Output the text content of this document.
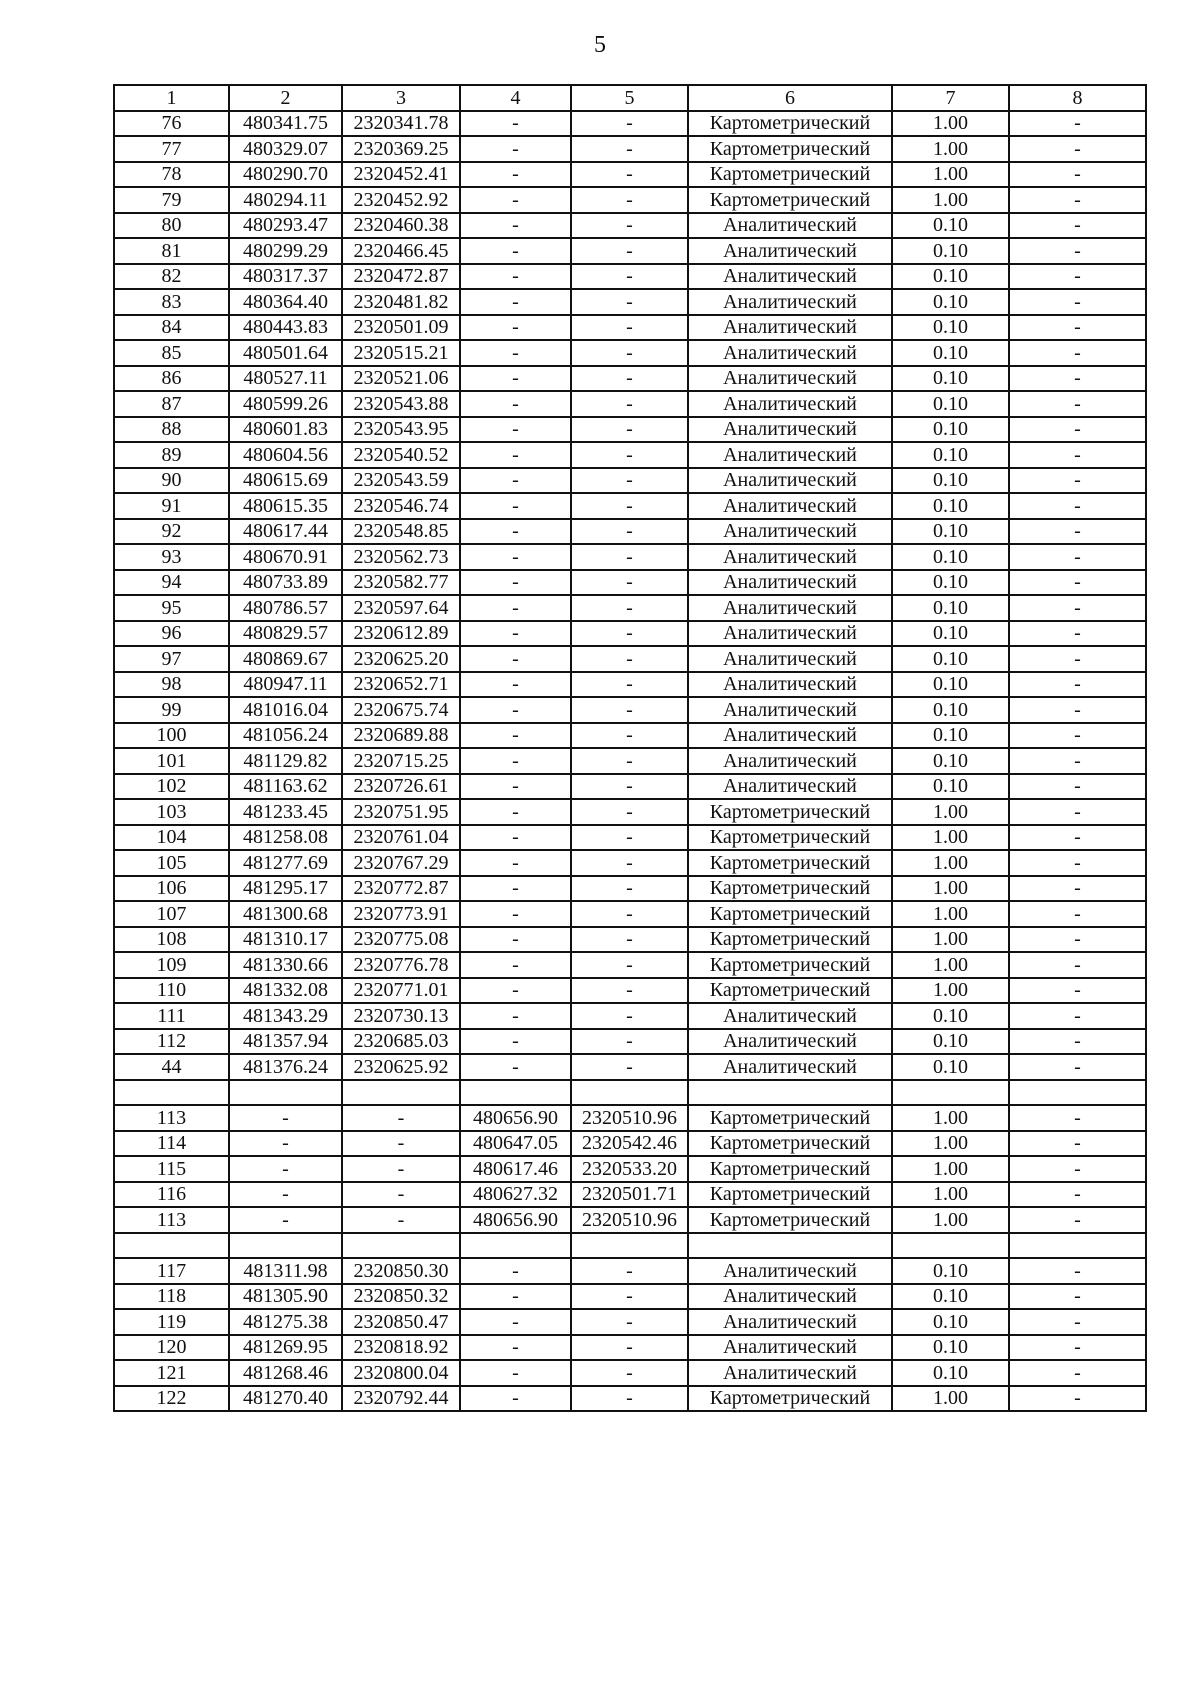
5
1	2	3	4	5	6	7	8
76	480341.75	2320341.78	-	-	Картометрический	1.00	-
77	480329.07	2320369.25	-	-	Картометрический	1.00	-
78	480290.70	2320452.41	-	-	Картометрический	1.00	-
79	480294.11	2320452.92	-	-	Картометрический	1.00	-
80	480293.47	2320460.38	-	-	Аналитический	0.10	-
81	480299.29	2320466.45	-	-	Аналитический	0.10	-
82	480317.37	2320472.87	-	-	Аналитический	0.10	-
83	480364.40	2320481.82	-	-	Аналитический	0.10	-
84	480443.83	2320501.09	-	-	Аналитический	0.10	-
85	480501.64	2320515.21	-	-	Аналитический	0.10	-
86	480527.11	2320521.06	-	-	Аналитический	0.10	-
87	480599.26	2320543.88	-	-	Аналитический	0.10	-
88	480601.83	2320543.95	-	-	Аналитический	0.10	-
89	480604.56	2320540.52	-	-	Аналитический	0.10	-
90	480615.69	2320543.59	-	-	Аналитический	0.10	-
91	480615.35	2320546.74	-	-	Аналитический	0.10	-
92	480617.44	2320548.85	-	-	Аналитический	0.10	-
93	480670.91	2320562.73	-	-	Аналитический	0.10	-
94	480733.89	2320582.77	-	-	Аналитический	0.10	-
95	480786.57	2320597.64	-	-	Аналитический	0.10	-
96	480829.57	2320612.89	-	-	Аналитический	0.10	-
97	480869.67	2320625.20	-	-	Аналитический	0.10	-
98	480947.11	2320652.71	-	-	Аналитический	0.10	-
99	481016.04	2320675.74	-	-	Аналитический	0.10	-
100	481056.24	2320689.88	-	-	Аналитический	0.10	-
101	481129.82	2320715.25	-	-	Аналитический	0.10	-
102	481163.62	2320726.61	-	-	Аналитический	0.10	-
103	481233.45	2320751.95	-	-	Картометрический	1.00	-
104	481258.08	2320761.04	-	-	Картометрический	1.00	-
105	481277.69	2320767.29	-	-	Картометрический	1.00	-
106	481295.17	2320772.87	-	-	Картометрический	1.00	-
107	481300.68	2320773.91	-	-	Картометрический	1.00	-
108	481310.17	2320775.08	-	-	Картометрический	1.00	-
109	481330.66	2320776.78	-	-	Картометрический	1.00	-
110	481332.08	2320771.01	-	-	Картометрический	1.00	-
111	481343.29	2320730.13	-	-	Аналитический	0.10	-
112	481357.94	2320685.03	-	-	Аналитический	0.10	-
44	481376.24	2320625.92	-	-	Аналитический	0.10	-

113	-	-	480656.90	2320510.96	Картометрический	1.00	-
114	-	-	480647.05	2320542.46	Картометрический	1.00	-
115	-	-	480617.46	2320533.20	Картометрический	1.00	-
116	-	-	480627.32	2320501.71	Картометрический	1.00	-
113	-	-	480656.90	2320510.96	Картометрический	1.00	-

117	481311.98	2320850.30	-	-	Аналитический	0.10	-
118	481305.90	2320850.32	-	-	Аналитический	0.10	-
119	481275.38	2320850.47	-	-	Аналитический	0.10	-
120	481269.95	2320818.92	-	-	Аналитический	0.10	-
121	481268.46	2320800.04	-	-	Аналитический	0.10	-
122	481270.40	2320792.44	-	-	Картометрический	1.00	-
